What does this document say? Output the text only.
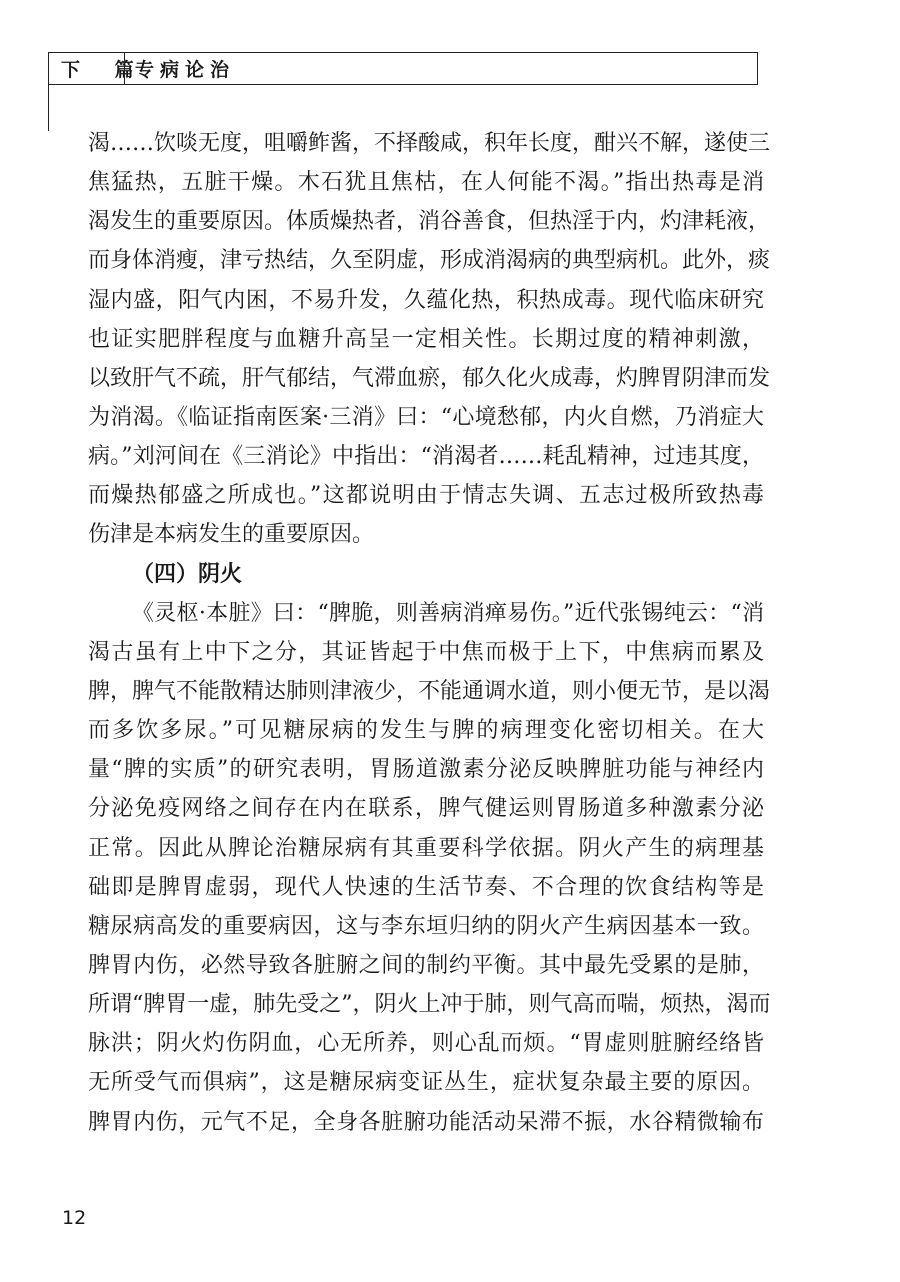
下 篇
专病论治
渴……饮啖无度，咀嚼鲊酱，不择酸咸，积年长度，酣兴不解，遂使三
焦猛热，五脏干燥。木石犹且焦枯，在人何能不渴。”指出热毒是消
渴发生的重要原因。体质燥热者，消谷善食，但热淫于内，灼津耗液，
而身体消瘦，津亏热结，久至阴虚，形成消渴病的典型病机。此外，痰
湿内盛，阳气内困，不易升发，久蕴化热，积热成毒。现代临床研究
也证实肥胖程度与血糖升高呈一定相关性。长期过度的精神刺激，
以致肝气不疏，肝气郁结，气滞血瘀，郁久化火成毒，灼脾胃阴津而发
为消渴。《临证指南医案·三消》曰：“心境愁郁，内火自燃，乃消症大
病。”刘河间在《三消论》中指出：“消渴者……耗乱精神，过违其度，
而燥热郁盛之所成也。”这都说明由于情志失调、五志过极所致热毒
伤津是本病发生的重要原因。
（四）阴火
《灵枢·本脏》曰：“脾脆，则善病消瘅易伤。”近代张锡纯云：“消
渴古虽有上中下之分，其证皆起于中焦而极于上下，中焦病而累及
脾，脾气不能散精达肺则津液少，不能通调水道，则小便无节，是以渴
而多饮多尿。”可见糖尿病的发生与脾的病理变化密切相关。在大
量“脾的实质”的研究表明，胃肠道激素分泌反映脾脏功能与神经内
分泌免疫网络之间存在内在联系，脾气健运则胃肠道多种激素分泌
正常。因此从脾论治糖尿病有其重要科学依据。阴火产生的病理基
础即是脾胃虚弱，现代人快速的生活节奏、不合理的饮食结构等是
糖尿病高发的重要病因，这与李东垣归纳的阴火产生病因基本一致。
脾胃内伤，必然导致各脏腑之间的制约平衡。其中最先受累的是肺，
所谓“脾胃一虚，肺先受之”，阴火上冲于肺，则气高而喘，烦热，渴而
脉洪；阴火灼伤阴血，心无所养，则心乱而烦。“胃虚则脏腑经络皆
无所受气而俱病”，这是糖尿病变证丛生，症状复杂最主要的原因。
脾胃内伤，元气不足，全身各脏腑功能活动呆滞不振，水谷精微输布
12
